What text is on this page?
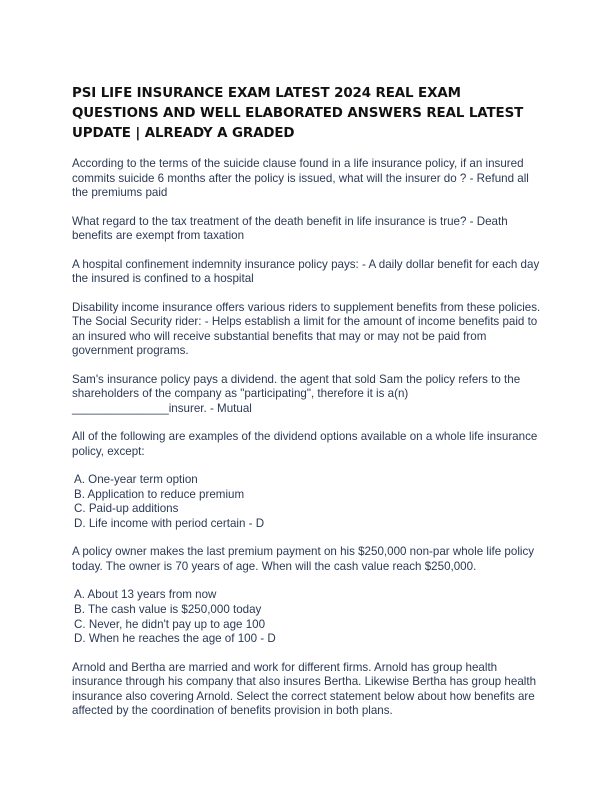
PSI LIFE INSURANCE EXAM LATEST 2024 REAL EXAM QUESTIONS AND WELL ELABORATED ANSWERS REAL LATEST UPDATE | ALREADY A GRADED

According to the terms of the suicide clause found in a life insurance policy, if an insured commits suicide 6 months after the policy is issued, what will the insurer do ? - Refund all the premiums paid

What regard to the tax treatment of the death benefit in life insurance is true? - Death benefits are exempt from taxation

A hospital confinement indemnity insurance policy pays: - A daily dollar benefit for each day the insured is confined to a hospital

Disability income insurance offers various riders to supplement benefits from these policies. The Social Security rider: - Helps establish a limit for the amount of income benefits paid to an insured who will receive substantial benefits that may or may not be paid from government programs.

Sam's insurance policy pays a dividend. the agent that sold Sam the policy refers to the shareholders of the company as "participating", therefore it is a(n) _______________insurer. - Mutual

All of the following are examples of the dividend options available on a whole life insurance policy, except:

A. One-year term option

B. Application to reduce premium

C. Paid-up additions

D. Life income with period certain - D

A policy owner makes the last premium payment on his $250,000 non-par whole life policy today. The owner is 70 years of age. When will the cash value reach $250,000.

A. About 13 years from now

B. The cash value is $250,000 today

C. Never, he didn't pay up to age 100

D. When he reaches the age of 100 - D

Arnold and Bertha are married and work for different firms. Arnold has group health insurance through his company that also insures Bertha. Likewise Bertha has group health insurance also covering Arnold. Select the correct statement below about how benefits are affected by the coordination of benefits provision in both plans.
